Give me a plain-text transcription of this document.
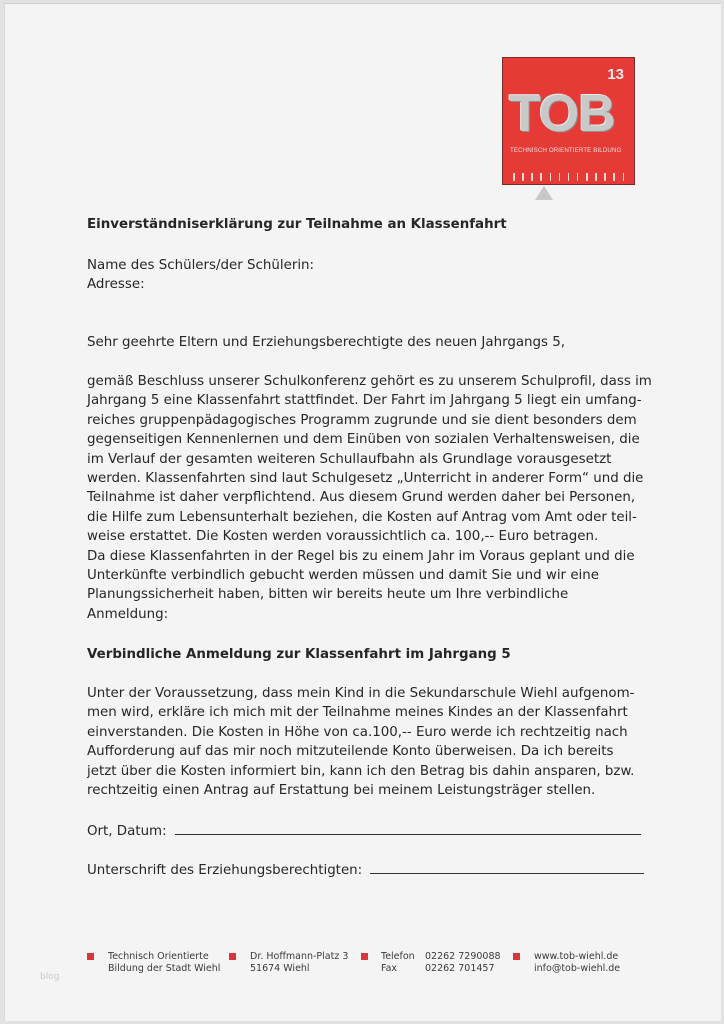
13
TOB
TECHNISCH ORIENTIERTE BILDUNG
Einverständniserklärung zur Teilnahme an Klassenfahrt
Name des Schülers/der Schülerin:
Adresse:
Sehr geehrte Eltern und Erziehungsberechtigte des neuen Jahrgangs 5,
gemäß Beschluss unserer Schulkonferenz gehört es zu unserem Schulprofil, dass im
Jahrgang 5 eine Klassenfahrt stattfindet. Der Fahrt im Jahrgang 5 liegt ein umfang-
reiches gruppenpädagogisches Programm zugrunde und sie dient besonders dem
gegenseitigen Kennenlernen und dem Einüben von sozialen Verhaltensweisen, die
im Verlauf der gesamten weiteren Schullaufbahn als Grundlage vorausgesetzt
werden. Klassenfahrten sind laut Schulgesetz „Unterricht in anderer Form“ und die
Teilnahme ist daher verpflichtend. Aus diesem Grund werden daher bei Personen,
die Hilfe zum Lebensunterhalt beziehen, die Kosten auf Antrag vom Amt oder teil-
weise erstattet. Die Kosten werden voraussichtlich ca. 100,-- Euro betragen.
Da diese Klassenfahrten in der Regel bis zu einem Jahr im Voraus geplant und die
Unterkünfte verbindlich gebucht werden müssen und damit Sie und wir eine
Planungssicherheit haben, bitten wir bereits heute um Ihre verbindliche
Anmeldung:
Verbindliche Anmeldung zur Klassenfahrt im Jahrgang 5
Unter der Voraussetzung, dass mein Kind in die Sekundarschule Wiehl aufgenom-
men wird, erkläre ich mich mit der Teilnahme meines Kindes an der Klassenfahrt
einverstanden. Die Kosten in Höhe von ca.100,-- Euro werde ich rechtzeitig nach
Aufforderung auf das mir noch mitzuteilende Konto überweisen. Da ich bereits
jetzt über die Kosten informiert bin, kann ich den Betrag bis dahin ansparen, bzw.
rechtzeitig einen Antrag auf Erstattung bei meinem Leistungsträger stellen.
Ort, Datum:
Unterschrift des Erziehungsberechtigten:
Technisch Orientierte
Bildung der Stadt Wiehl
Dr. Hoffmann-Platz 3
51674 Wiehl
Telefon	02262 7290088
Fax	02262 701457
www.tob-wiehl.de
info@tob-wiehl.de
blog
